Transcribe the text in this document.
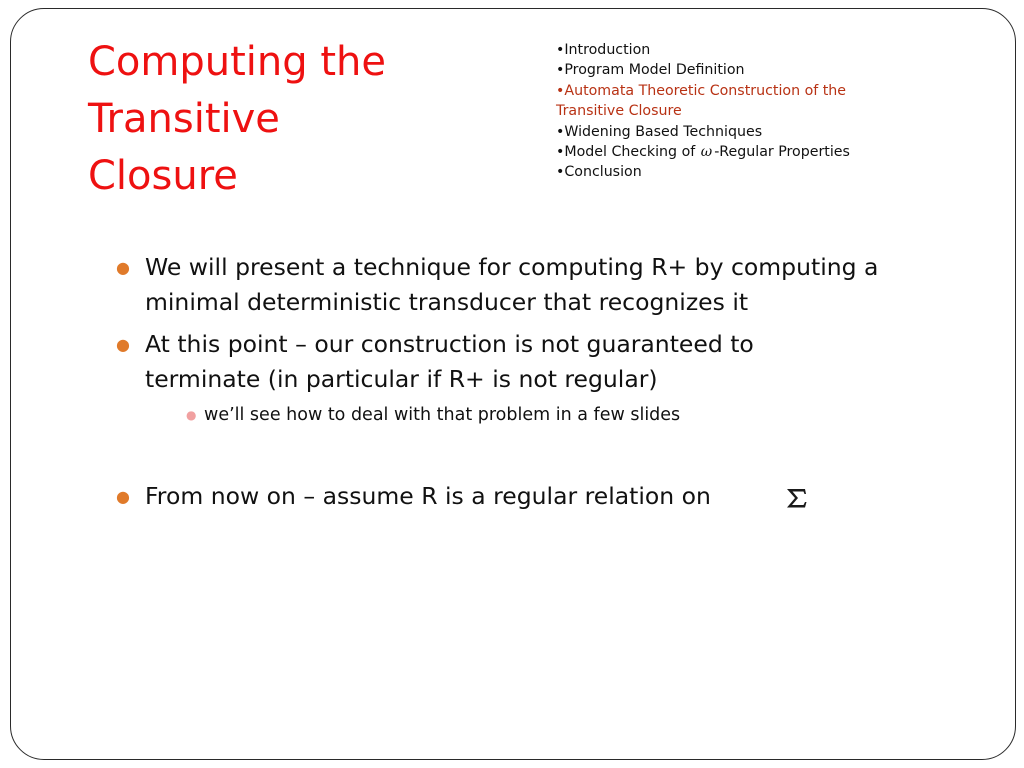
Computing the
Transitive
Closure
•Introduction
•Program Model Definition
•Automata Theoretic Construction of the
Transitive Closure
•Widening Based Techniques
•Model Checking of ω -Regular Properties
•Conclusion
● We will present a technique for computing R+ by computing a
minimal deterministic transducer that recognizes it
● At this point – our construction is not guaranteed to
terminate (in particular if R+ is not regular)
● we’ll see how to deal with that problem in a few slides
● From now on – assume R is a regular relation on
